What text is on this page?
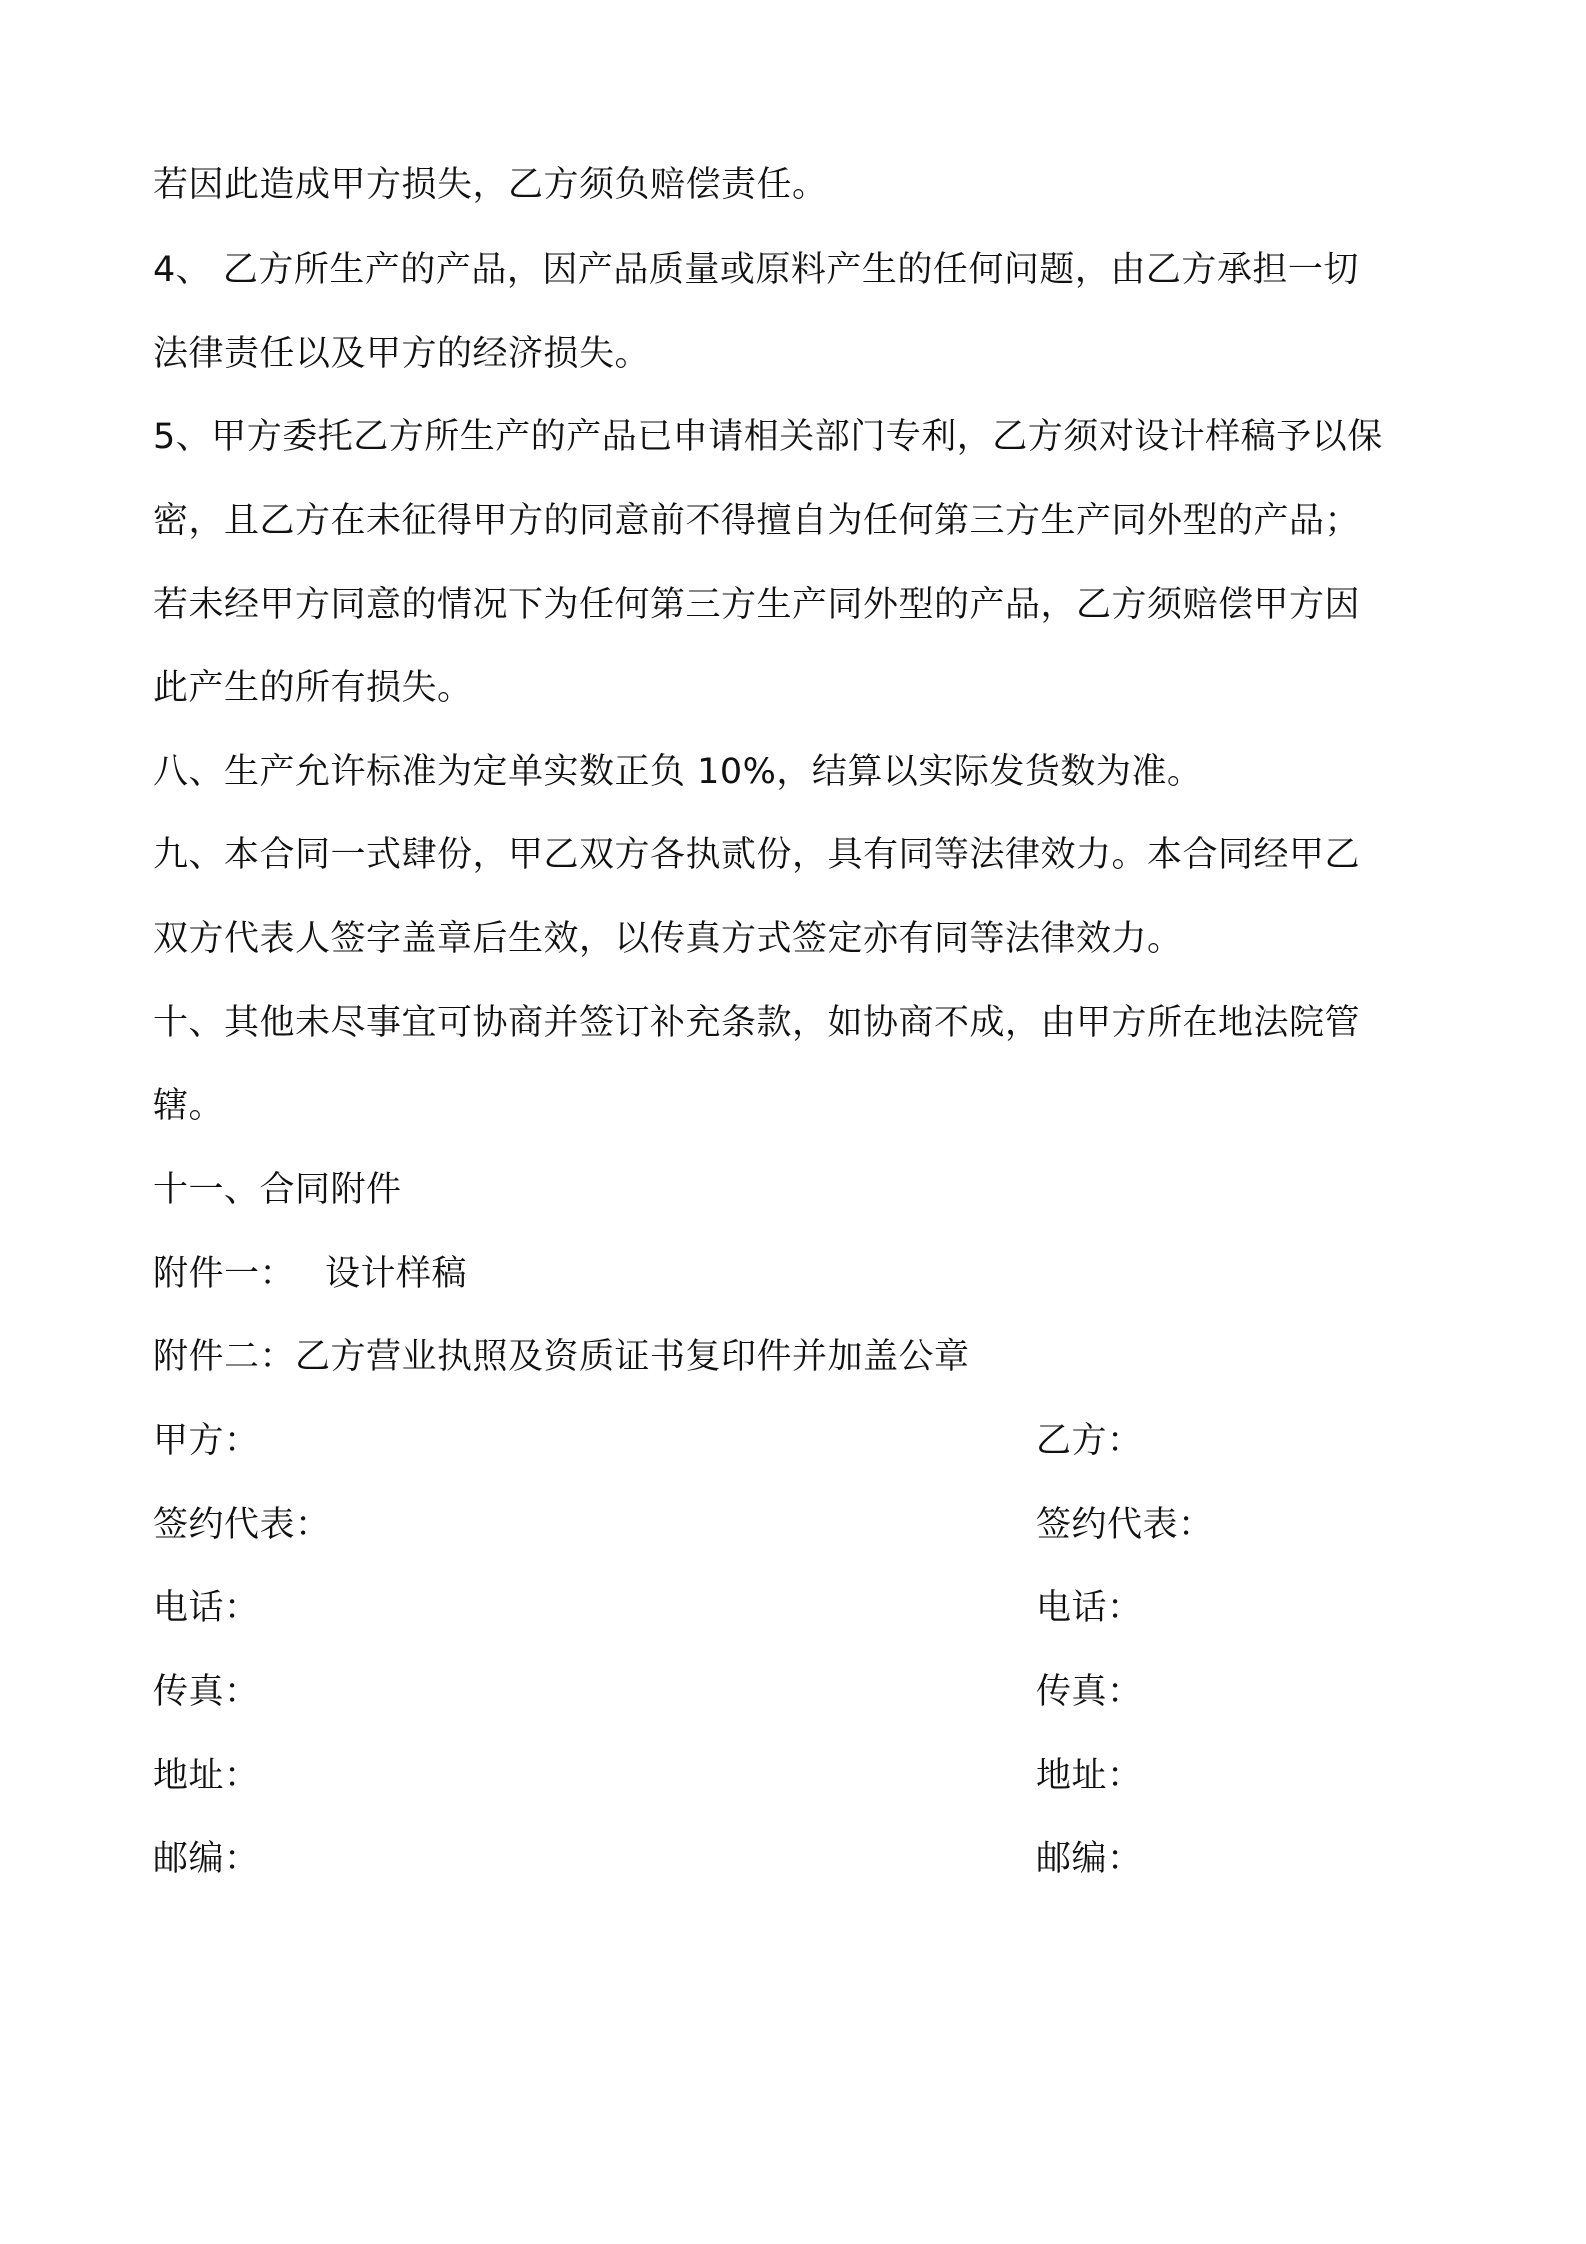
若因此造成甲方损失，乙方须负赔偿责任。
4、 乙方所生产的产品，因产品质量或原料产生的任何问题，由乙方承担一切
法律责任以及甲方的经济损失。
5、甲方委托乙方所生产的产品已申请相关部门专利，乙方须对设计样稿予以保
密，且乙方在未征得甲方的同意前不得擅自为任何第三方生产同外型的产品；
若未经甲方同意的情况下为任何第三方生产同外型的产品，乙方须赔偿甲方因
此产生的所有损失。
八、生产允许标准为定单实数正负 10%，结算以实际发货数为准。
九、本合同一式肆份，甲乙双方各执贰份，具有同等法律效力。本合同经甲乙
双方代表人签字盖章后生效，以传真方式签定亦有同等法律效力。
十、其他未尽事宜可协商并签订补充条款，如协商不成，由甲方所在地法院管
辖。
十一、合同附件
附件一： 设计样稿
附件二：乙方营业执照及资质证书复印件并加盖公章
甲方：
签约代表：
电话：
传真：
地址：
邮编：
乙方：
签约代表：
电话：
传真：
地址：
邮编：
